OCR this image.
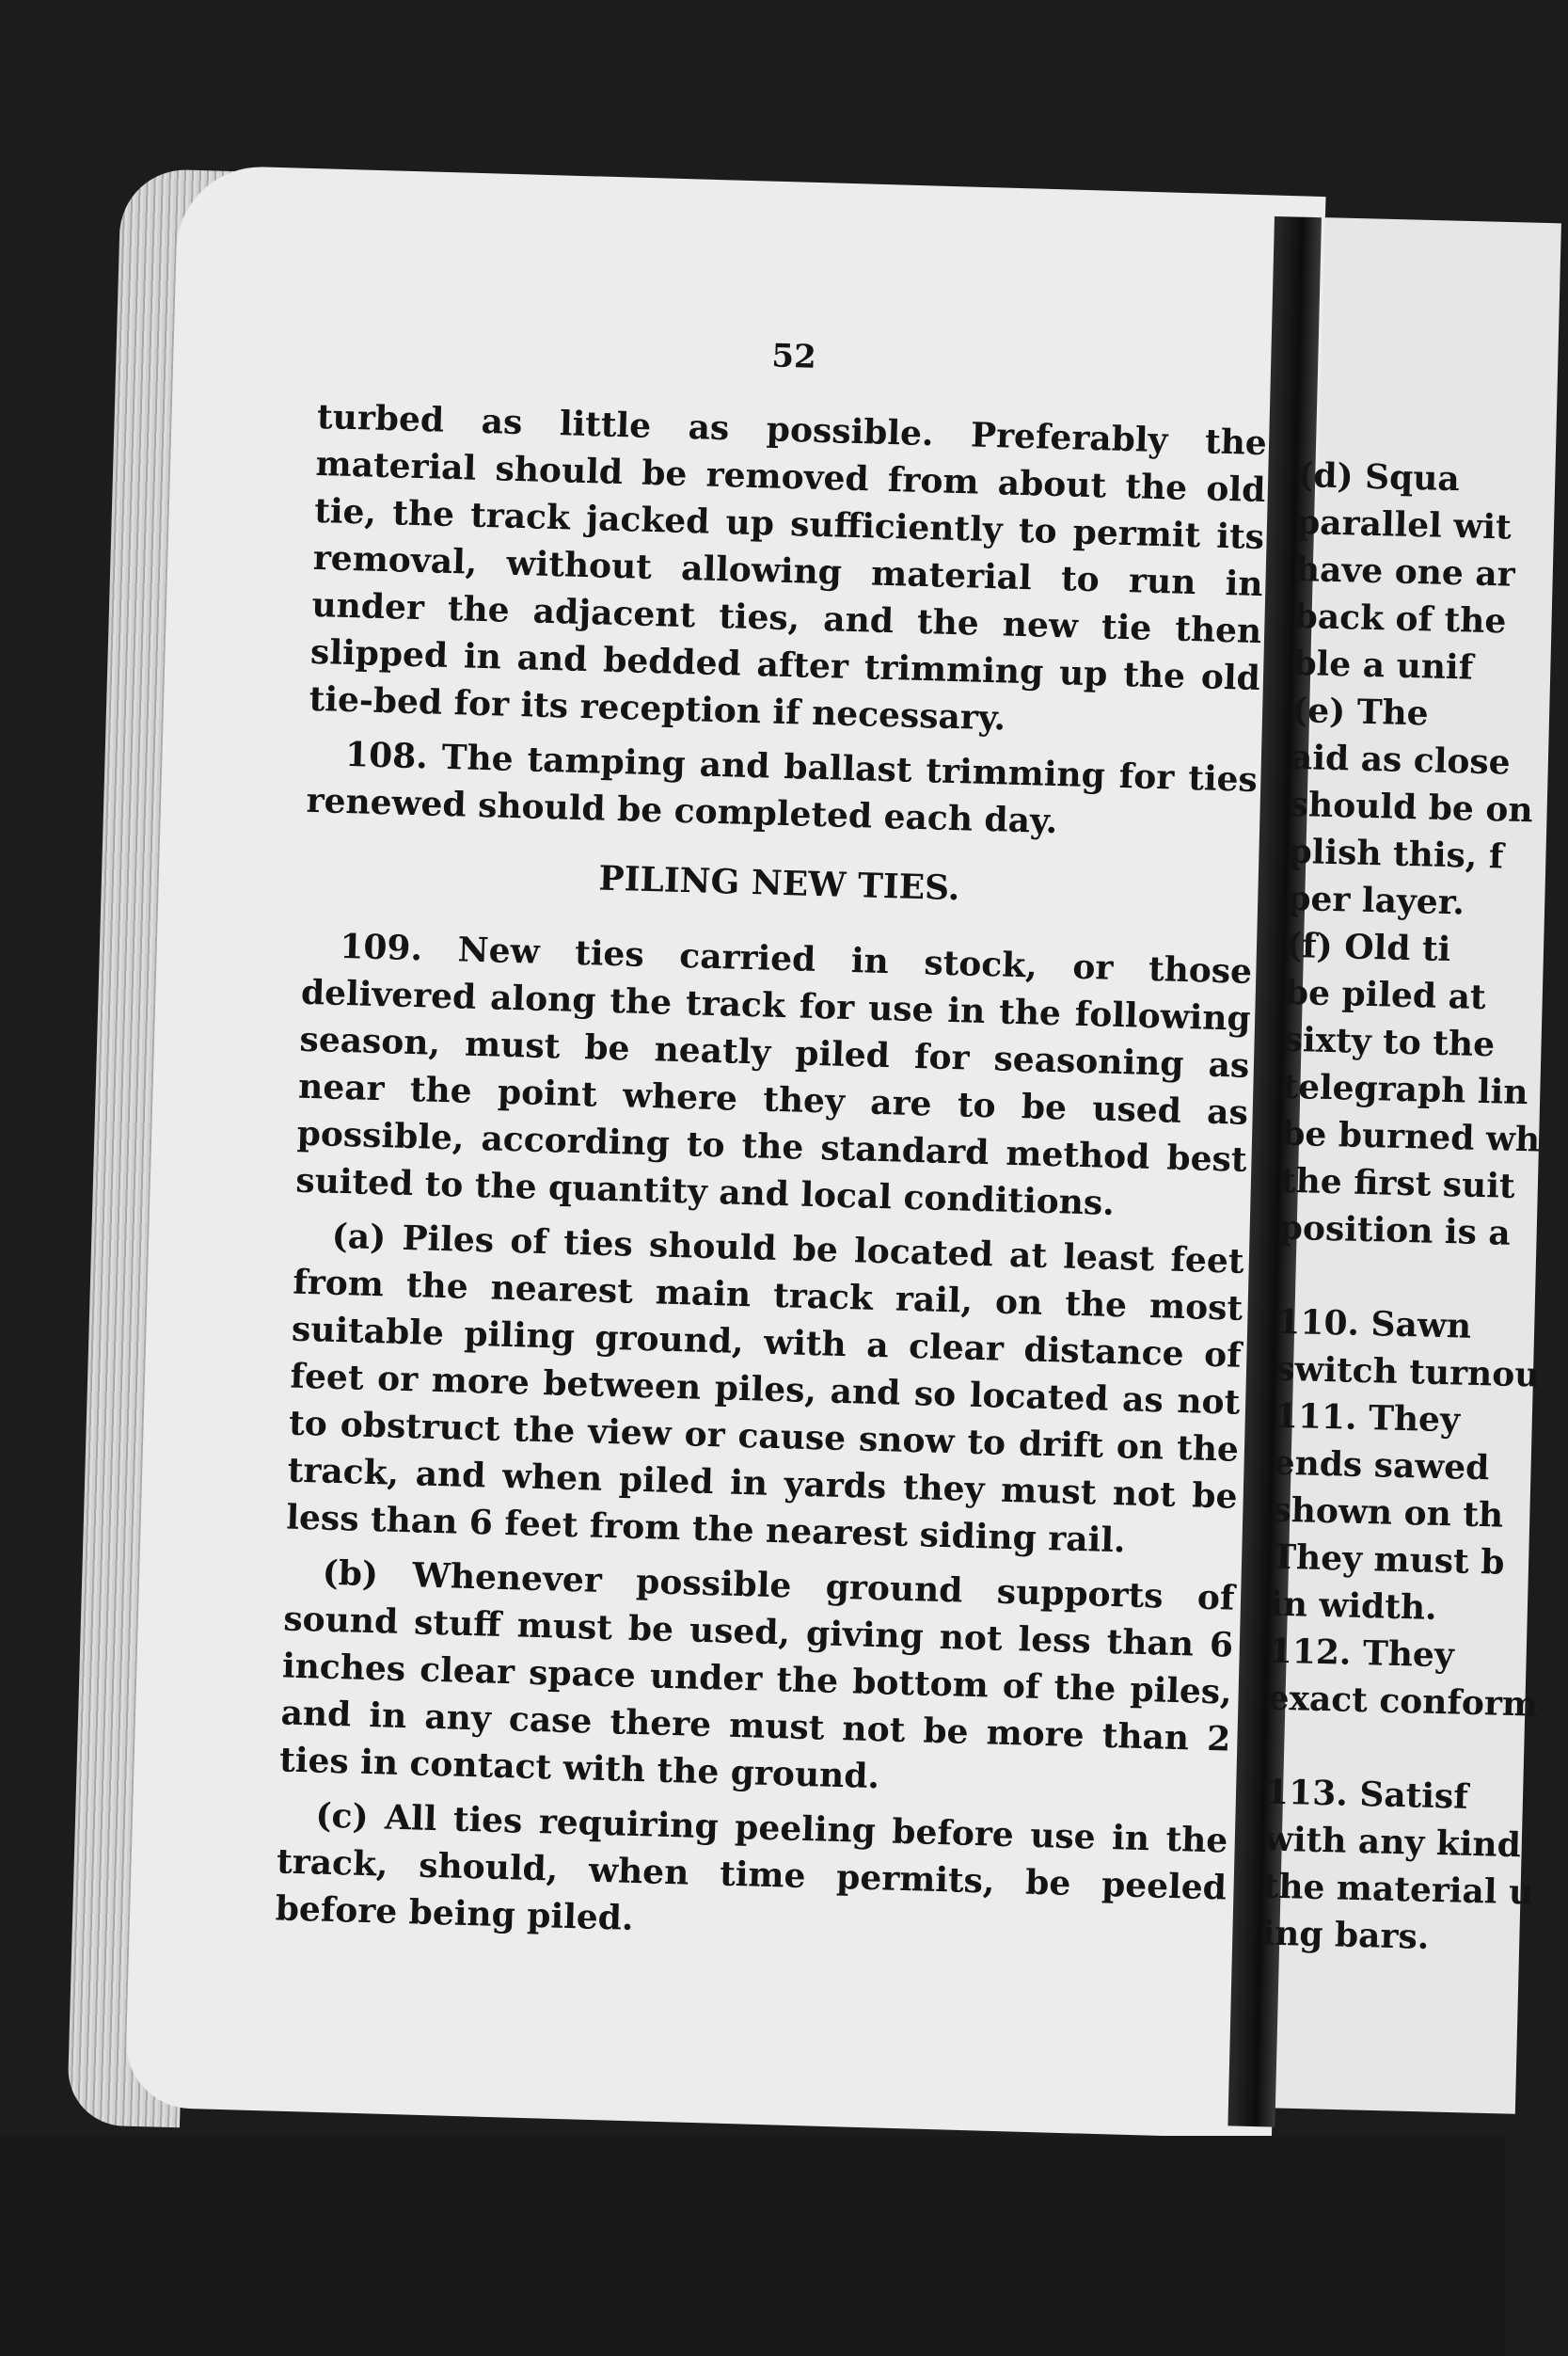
52

turbed as little as possible. Preferably the material should be removed from about the old tie, the track jacked up sufficiently to permit its removal, without allowing material to run in under the adjacent ties, and the new tie then slipped in and bedded after trimming up the old tie-bed for its reception if necessary.

108. The tamping and ballast trimming for ties renewed should be completed each day.

PILING NEW TIES.

109. New ties carried in stock, or those delivered along the track for use in the following season, must be neatly piled for seasoning as near the point where they are to be used as possible, according to the standard method best suited to the quantity and local conditions.

(a) Piles of ties should be located at least feet from the nearest main track rail, on the most suitable piling ground, with a clear distance of feet or more between piles, and so located as not to obstruct the view or cause snow to drift on the track, and when piled in yards they must not be less than 6 feet from the nearest siding rail.

(b) Whenever possible ground supports of sound stuff must be used, giving not less than 6 inches clear space under the bottom of the piles, and in any case there must not be more than 2 ties in contact with the ground.

(c) All ties requiring peeling before use in the track, should, when time permits, be peeled before being piled.

(d) Squa
parallel wit
have one ar
back of the
ble a unif
(e) The
aid as close
should be on
plish this, f
per layer.
(f) Old ti
be piled at
sixty to the
telegraph lin
be burned wh
the first suit
position is a
110. Sawn
switch turnou
111. They
ends sawed
shown on th
They must b
in width.
112. They
exact conform
113. Satisf
with any kind
the material u
ing bars.
